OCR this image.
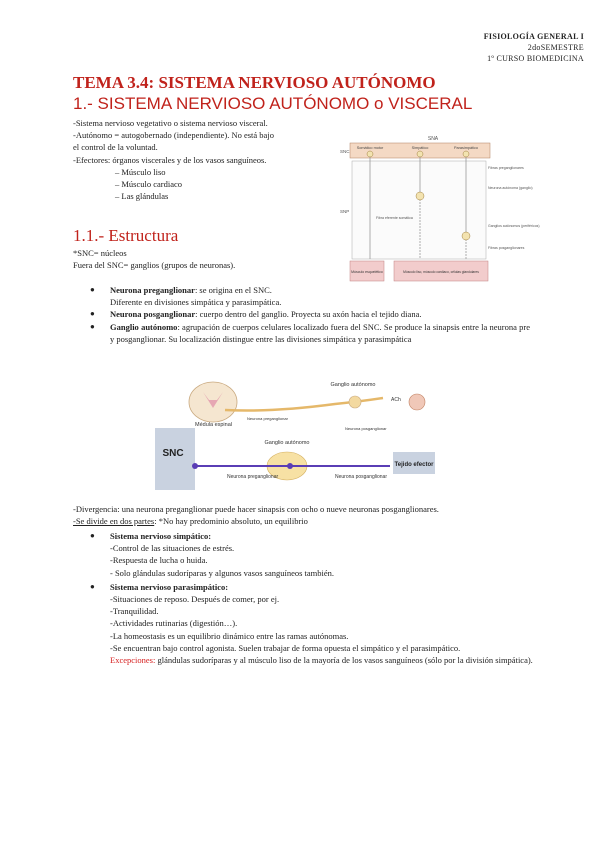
FISIOLOGÍA GENERAL I
2doSEMESTRE
1º CURSO BIOMEDICINA
TEMA 3.4: SISTEMA NERVIOSO AUTÓNOMO
1.- SISTEMA NERVIOSO AUTÓNOMO o VISCERAL

-Sistema nervioso vegetativo o sistema nervioso visceral.

-Autónomo = autogobernado (independiente). No está bajo

el control de la voluntad.

-Efectores: órganos viscerales y de los vasos sanguíneos.

– Músculo liso

– Músculo cardiaco

– Las glándulas

SNA
SNC
SNP
Somático motor	Simpático	Parasimpático
Fibra eferente somática
Fibras preganglionares
Neurona autónoma (ganglio)
Ganglios autónomos (periféricos)
Fibras posganglionares
Músculo esquelético	Músculo liso, músculo cardiaco, células glandulares
1.1.- Estructura

*SNC= núcleos

Fuera del SNC= ganglios (grupos de neuronas).

● Neurona preganglionar: se origina en el SNC.
Diferente en divisiones simpática y parasimpática.
● Neurona posganglionar: cuerpo dentro del ganglio. Proyecta su axón hacia el tejido diana.
● Ganglio autónomo: agrupación de cuerpos celulares localizado fuera del SNC. Se produce la sinapsis entre la neurona pre y posganglionar. Su localización distingue entre las divisiones simpática y parasimpática
SNC
Médula espinal
Ganglio autónomo
ACh
Neurona preganglionar
Neurona posganglionar
Ganglio autónomo
Neurona preganglionar	Neurona posganglionar
Tejido efector

-Divergencia: una neurona preganglionar puede hacer sinapsis con ocho o nueve neuronas posganglionares.

-Se divide en dos partes: *No hay predominio absoluto, un equilibrio

● Sistema nervioso simpático:

-Control de las situaciones de estrés.

-Respuesta de lucha o huida.

- Solo glándulas sudoríparas y algunos vasos sanguíneos también.

● Sistema nervioso parasimpático:

-Situaciones de reposo. Después de comer, por ej.

-Tranquilidad.

-Actividades rutinarias (digestión…).

-La homeostasis es un equilibrio dinámico entre las ramas autónomas.

-Se encuentran bajo control agonista. Suelen trabajar de forma opuesta el simpático y el parasimpático.

Excepciones: glándulas sudoríparas y al músculo liso de la mayoría de los vasos sanguíneos (sólo por la división simpática).
